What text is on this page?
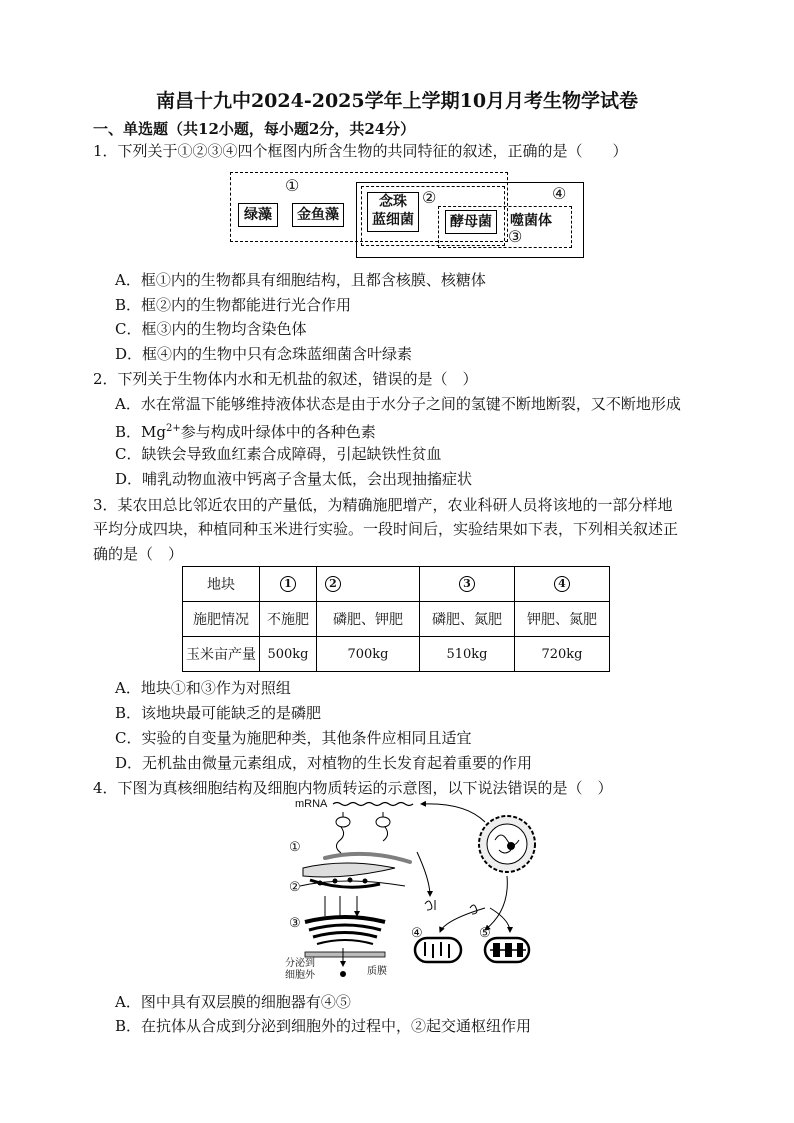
南昌十九中2024-2025学年上学期10月月考生物学试卷
一、单选题（共12小题，每小题2分，共24分）
1．下列关于①②③④四个框图内所含生物的共同特征的叙述，正确的是（　　）
①
②
③
④
绿藻	金鱼藻
念珠
蓝细菌	酵母菌	噬菌体
A．框①内的生物都具有细胞结构，且都含核膜、核糖体
B．框②内的生物都能进行光合作用
C．框③内的生物均含染色体
D．框④内的生物中只有念珠蓝细菌含叶绿素
2．下列关于生物体内水和无机盐的叙述，错误的是（　）
A．水在常温下能够维持液体状态是由于水分子之间的氢键不断地断裂，又不断地形成
B．$Mg^{2+}$参与构成叶绿体中的各种色素
C．缺铁会导致血红素合成障碍，引起缺铁性贫血
D．哺乳动物血液中钙离子含量太低，会出现抽搐症状
3．某农田总比邻近农田的产量低，为精确施肥增产，农业科研人员将该地的一部分样地
平均分成四块，种植同种玉米进行实验。一段时间后，实验结果如下表，下列相关叙述正
确的是（　）
地块	1	2	3	4
施肥情况	不施肥	磷肥、钾肥	磷肥、氮肥	钾肥、氮肥
玉米亩产量	500kg	700kg	510kg	720kg
A．地块①和③作为对照组
B．该地块最可能缺乏的是磷肥
C．实验的自变量为施肥种类，其他条件应相同且适宜
D．无机盐由微量元素组成，对植物的生长发育起着重要的作用
4．下图为真核细胞结构及细胞内物质转运的示意图，以下说法错误的是（　）
mRNA
①
②
③
④	⑤
分泌到
细胞外	质膜
A．图中具有双层膜的细胞器有④⑤
B．在抗体从合成到分泌到细胞外的过程中，②起交通枢纽作用
